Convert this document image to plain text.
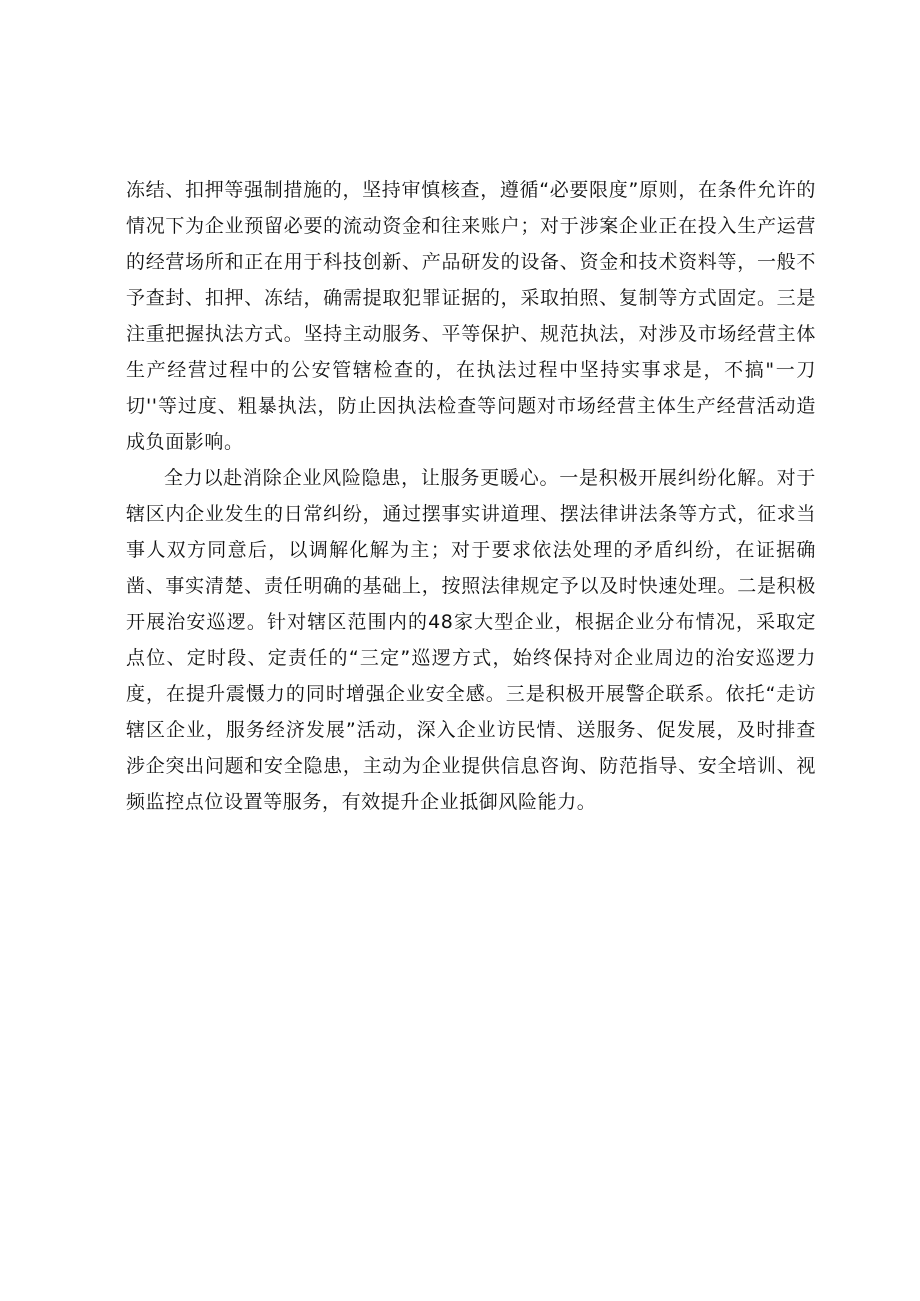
冻结、扣押等强制措施的，坚持审慎核查，遵循“必要限度”原则，在条件允许的情况下为企业预留必要的流动资金和往来账户；对于涉案企业正在投入生产运营的经营场所和正在用于科技创新、产品研发的设备、资金和技术资料等，一般不予查封、扣押、冻结，确需提取犯罪证据的，采取拍照、复制等方式固定。三是注重把握执法方式。坚持主动服务、平等保护、规范执法，对涉及市场经营主体生产经营过程中的公安管辖检查的，在执法过程中坚持实事求是，不搞"一刀切''等过度、粗暴执法，防止因执法检查等问题对市场经营主体生产经营活动造成负面影响。

全力以赴消除企业风险隐患，让服务更暖心。一是积极开展纠纷化解。对于辖区内企业发生的日常纠纷，通过摆事实讲道理、摆法律讲法条等方式，征求当事人双方同意后，以调解化解为主；对于要求依法处理的矛盾纠纷，在证据确凿、事实清楚、责任明确的基础上，按照法律规定予以及时快速处理。二是积极开展治安巡逻。针对辖区范围内的48家大型企业，根据企业分布情况，采取定点位、定时段、定责任的“三定”巡逻方式，始终保持对企业周边的治安巡逻力度，在提升震慑力的同时增强企业安全感。三是积极开展警企联系。依托“走访辖区企业，服务经济发展”活动，深入企业访民情、送服务、促发展，及时排查涉企突出问题和安全隐患，主动为企业提供信息咨询、防范指导、安全培训、视频监控点位设置等服务，有效提升企业抵御风险能力。
